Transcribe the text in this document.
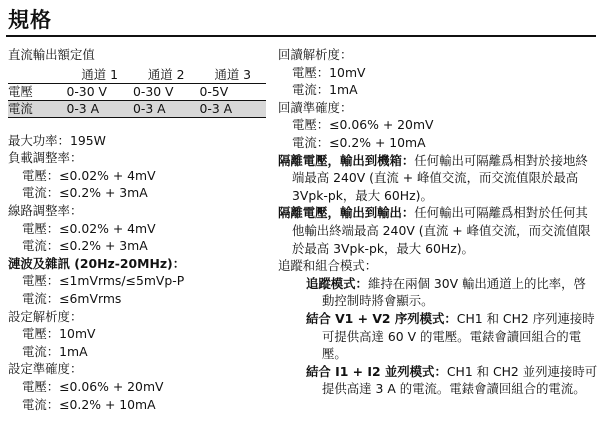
規格
直流輸出額定值
	通道 1	通道 2	通道 3
電壓	0-30 V	0-30 V	0-5V
電流	0-3 A	0-3 A	0-3 A
最大功率：195W
負載調整率：
電壓：≤0.02% + 4mV
電流：≤0.2% + 3mA
線路調整率：
電壓：≤0.02% + 4mV
電流：≤0.2% + 3mA
漣波及雜訊 (20Hz-20MHz)：
電壓：≤1mVrms/≤5mVp-P
電流：≤6mVrms
設定解析度：
電壓：10mV
電流：1mA
設定準確度：
電壓：≤0.06% + 20mV
電流：≤0.2% + 10mA
回讀解析度：
電壓：10mV
電流：1mA
回讀準確度：
電壓：≤0.06% + 20mV
電流：≤0.2% + 10mA
隔離電壓，輸出到機箱：任何輸出可隔離爲相對於接地終端最高 240V (直流 + 峰值交流，而交流值限於最高 3Vpk-pk，最大 60Hz)。
隔離電壓，輸出到輸出：任何輸出可隔離爲相對於任何其他輸出終端最高 240V (直流 + 峰值交流，而交流值限於最高 3Vpk-pk，最大 60Hz)。
追蹤和組合模式：
追蹤模式：維持在兩個 30V 輸出通道上的比率，啓動控制時將會顯示。
結合 V1 + V2 序列模式：CH1 和 CH2 序列連接時可提供高達 60 V 的電壓。電錶會讀回組合的電壓。
結合 I1 + I2 並列模式：CH1 和 CH2 並列連接時可提供高達 3 A 的電流。電錶會讀回組合的電流。
